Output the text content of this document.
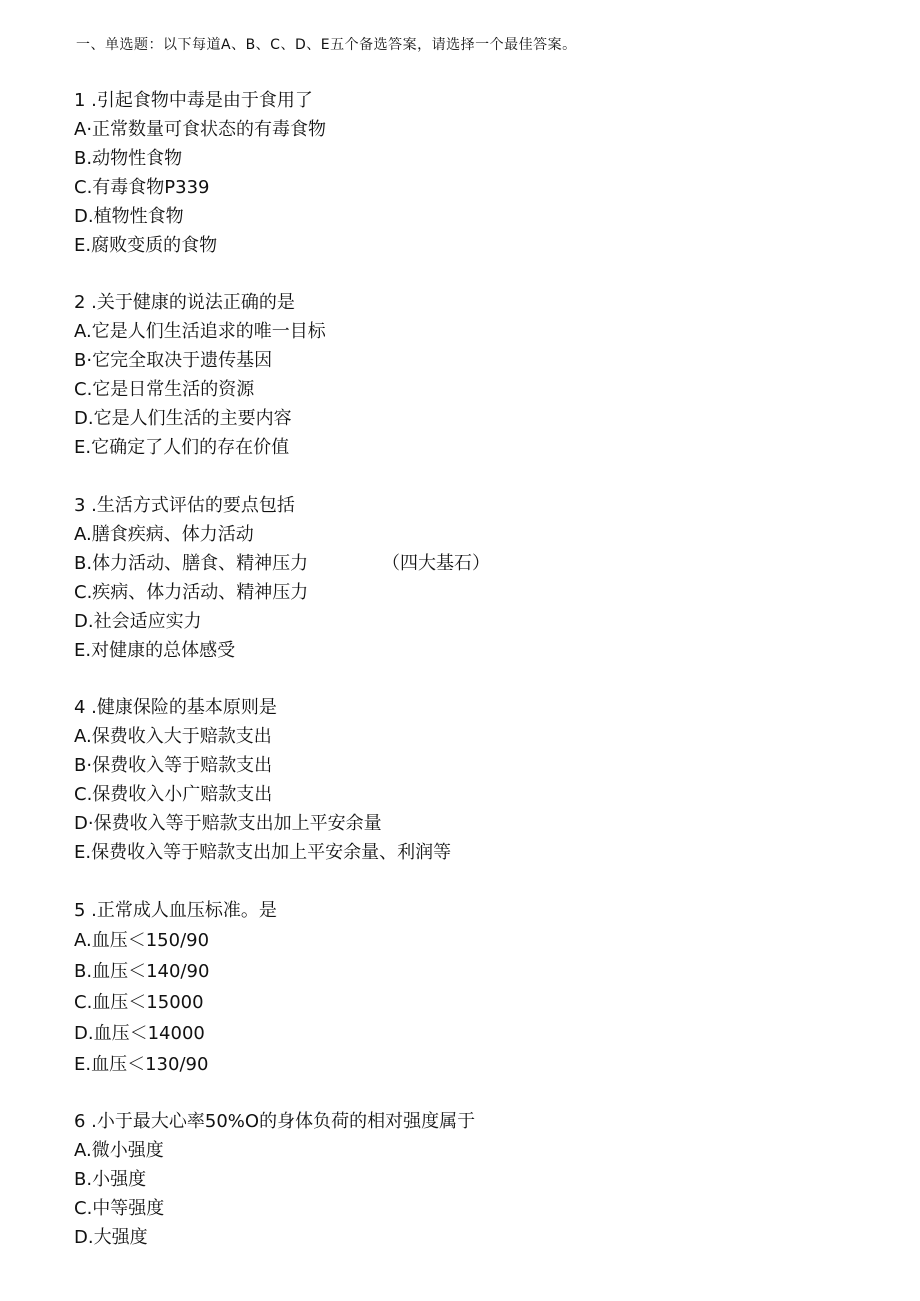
一、单选题：以下每道A、B、C、D、E五个备选答案，请选择一个最佳答案。
1 .引起食物中毒是由于食用了
A·正常数量可食状态的有毒食物
B.动物性食物
C.有毒食物P339
D.植物性食物
E.腐败变质的食物
2 .关于健康的说法正确的是
A.它是人们生活追求的唯一目标
B·它完全取决于遗传基因
C.它是日常生活的资源
D.它是人们生活的主要内容
E.它确定了人们的存在价值
3 .生活方式评估的要点包括
A.膳食疾病、体力活动
B.体力活动、膳食、精神压力	（四大基石）
C.疾病、体力活动、精神压力
D.社会适应实力
E.对健康的总体感受
4 .健康保险的基本原则是
A.保费收入大于赔款支出
B·保费收入等于赔款支出
C.保费收入小广赔款支出
D·保费收入等于赔款支出加上平安余量
E.保费收入等于赔款支出加上平安余量、利润等
5 .正常成人血压标准。是
A.血压＜150/90
B.血压＜140/90
C.血压＜15000
D.血压＜14000
E.血压＜130/90
6 .小于最大心率50%O的身体负荷的相对强度属于
A.微小强度
B.小强度
C.中等强度
D.大强度
